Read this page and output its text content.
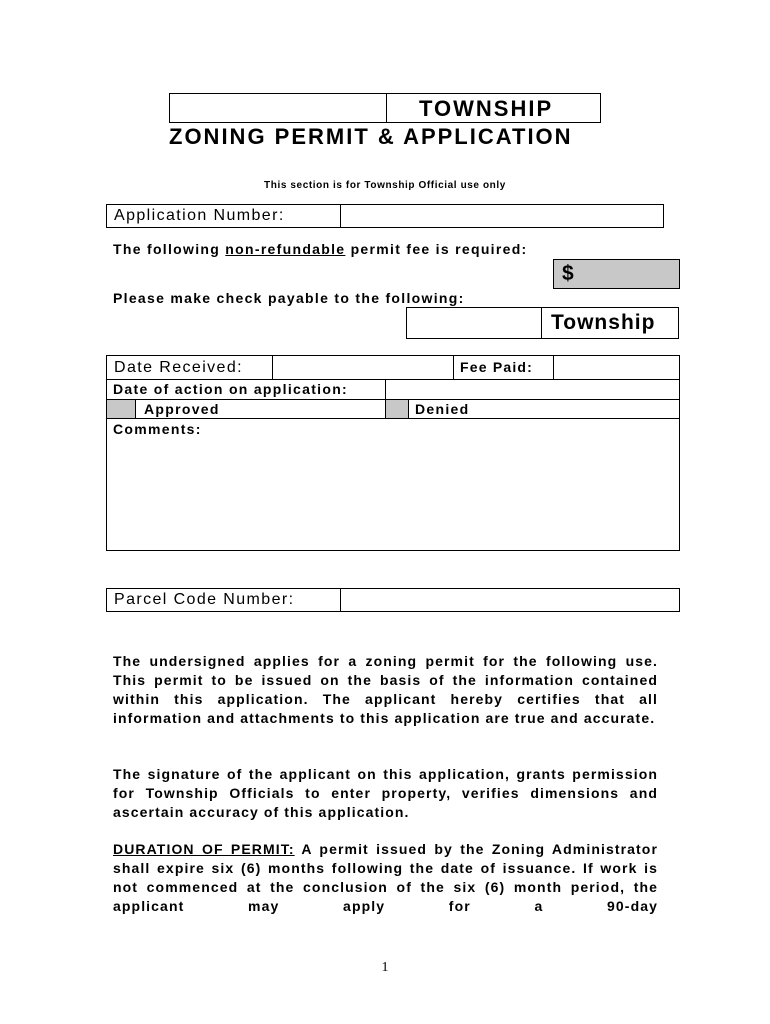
TOWNSHIP
ZONING PERMIT & APPLICATION
This section is for Township Official use only
Application Number:
The following non-refundable permit fee is required:
$
Please make check payable to the following:
Township
Date Received:	Fee Paid:
Date of action on application:
Approved	Denied
Comments:
Parcel Code Number:
The undersigned applies for a zoning permit for the following use. This permit to be issued on the basis of the information contained within this application. The applicant hereby certifies that all information and attachments to this application are true and accurate.
The signature of the applicant on this application, grants permission for Township Officials to enter property, verifies dimensions and ascertain accuracy of this application.
DURATION OF PERMIT: A permit issued by the Zoning Administrator shall expire six (6) months following the date of issuance. If work is not commenced at the conclusion of the six (6) month period, the applicant may apply for a 90-day
1
